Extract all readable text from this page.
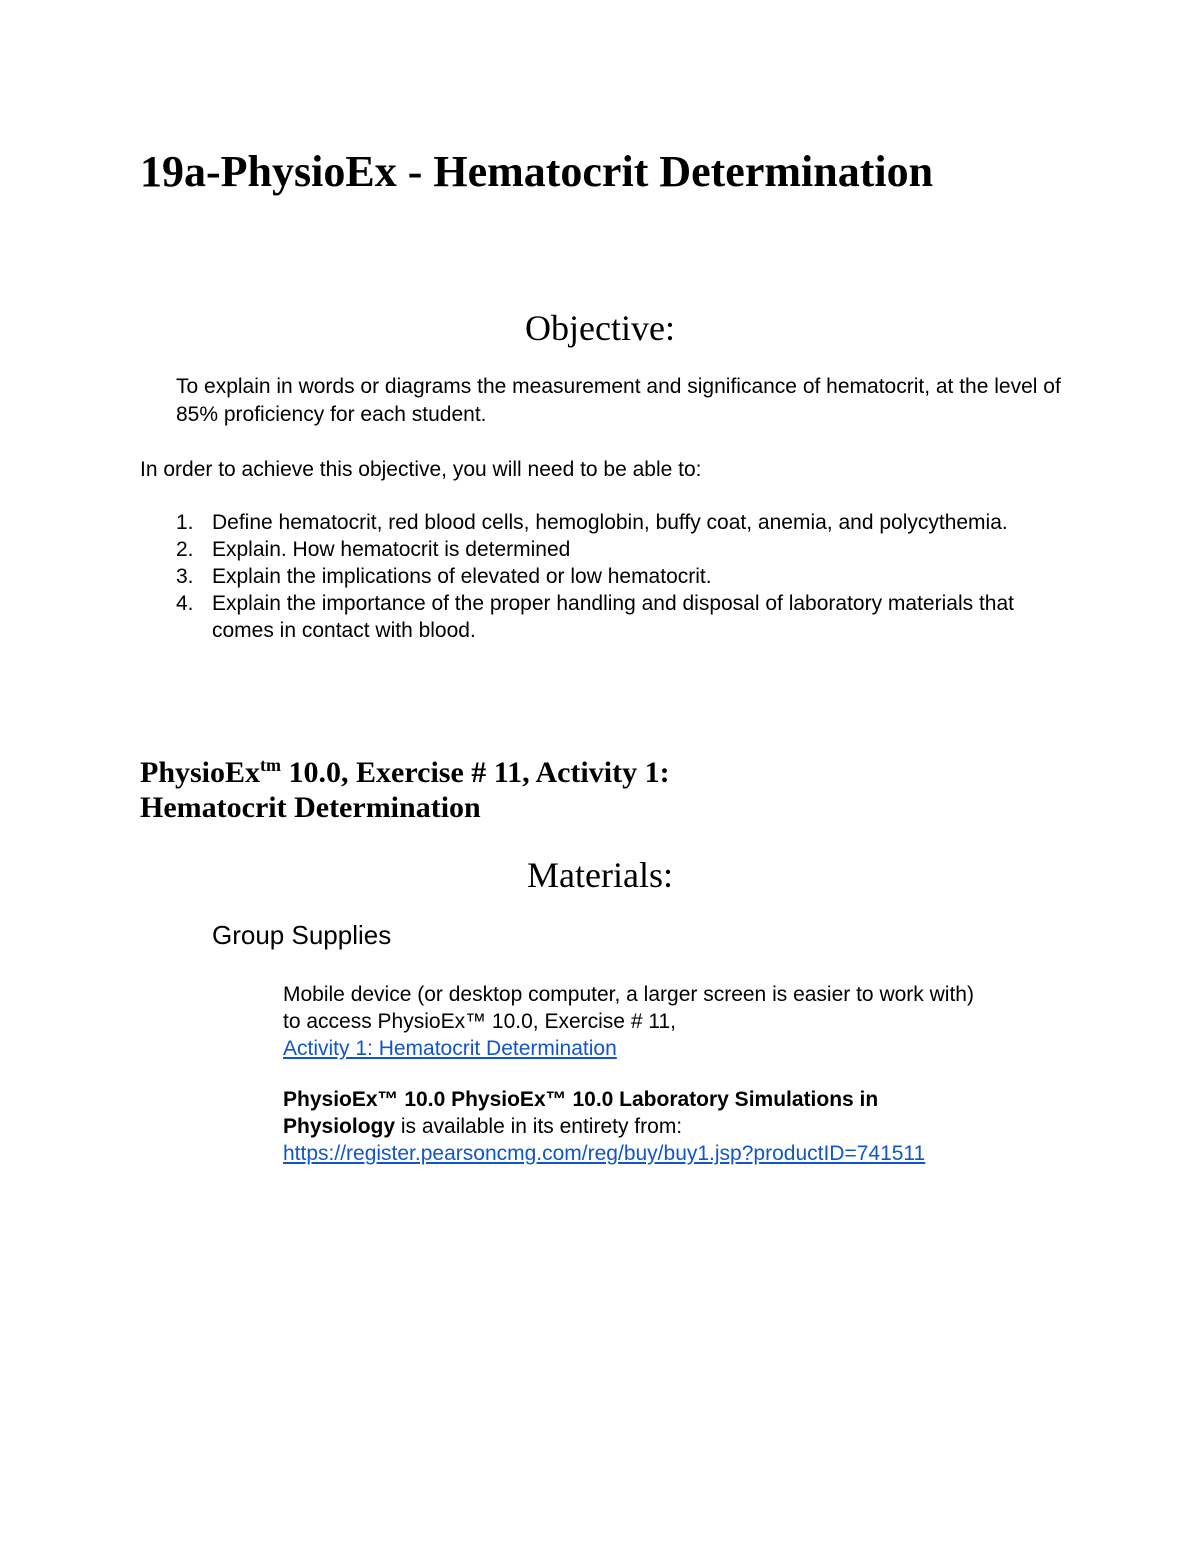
19a-PhysioEx - Hematocrit Determination
Objective:

To explain in words or diagrams the measurement and significance of hematocrit, at the level of 85% proficiency for each student.

In order to achieve this objective, you will need to be able to:

1. Define hematocrit, red blood cells, hemoglobin, buffy coat, anemia, and polycythemia.
2. Explain. How hematocrit is determined
3. Explain the implications of elevated or low hematocrit.
4. Explain the importance of the proper handling and disposal of laboratory materials that comes in contact with blood.
PhysioEx$^{tm}$ 10.0, Exercise # 11, Activity 1:
Hematocrit Determination
Materials:
Group Supplies

Mobile device (or desktop computer, a larger screen is easier to work with)
to access PhysioEx™ 10.0, Exercise # 11,
Activity 1: Hematocrit Determination

PhysioEx™ 10.0 PhysioEx™ 10.0 Laboratory Simulations in
Physiology is available in its entirety from:
https://register.pearsoncmg.com/reg/buy/buy1.jsp?productID=741511
